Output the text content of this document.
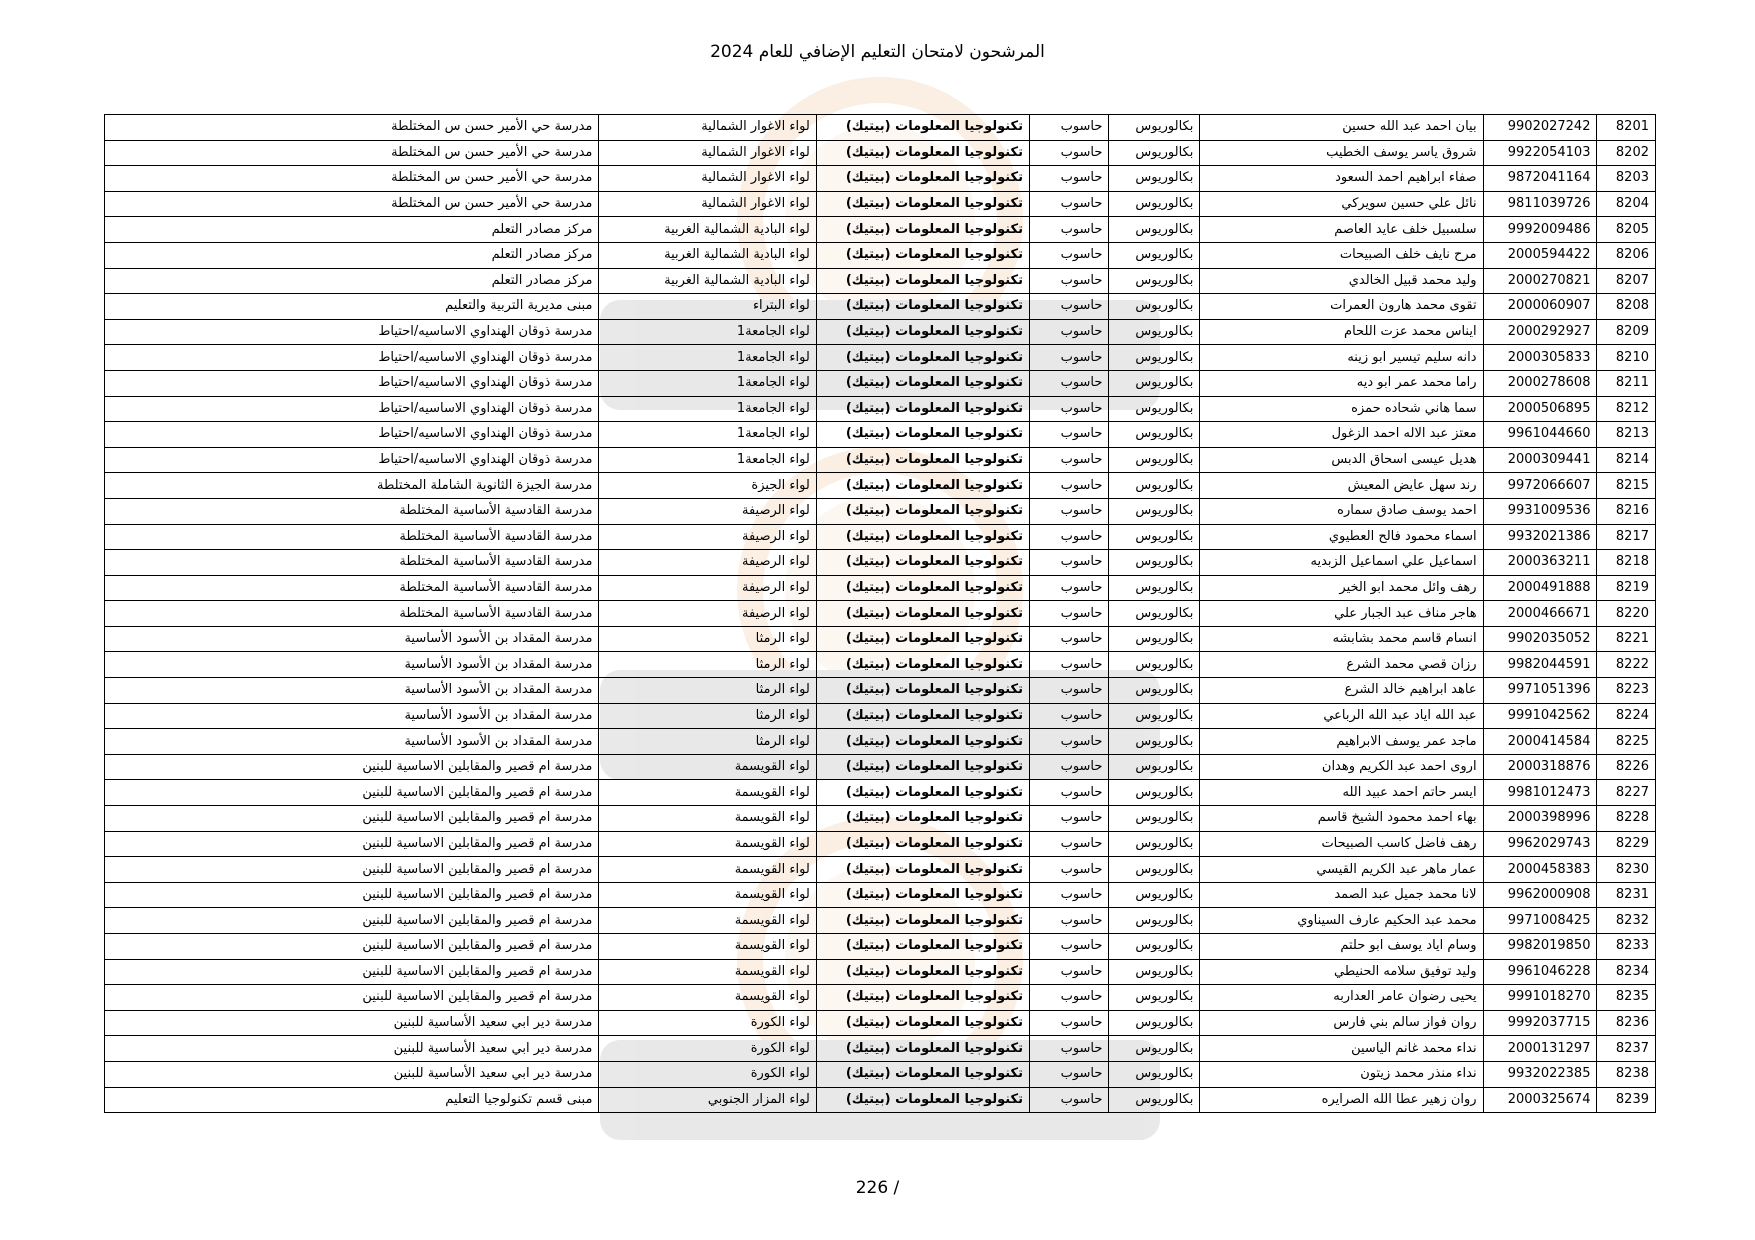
المرشحون لامتحان التعليم الإضافي للعام 2024
8201	9902027242	بيان احمد عبد الله حسين	بكالوريوس	حاسوب	تكنولوجيا المعلومات (بيتيك)	لواء الاغوار الشمالية	مدرسة حي الأمير حسن س المختلطة
8202	9922054103	شروق ياسر يوسف الخطيب	بكالوريوس	حاسوب	تكنولوجيا المعلومات (بيتيك)	لواء الاغوار الشمالية	مدرسة حي الأمير حسن س المختلطة
8203	9872041164	صفاء ابراهيم احمد السعود	بكالوريوس	حاسوب	تكنولوجيا المعلومات (بيتيك)	لواء الاغوار الشمالية	مدرسة حي الأمير حسن س المختلطة
8204	9811039726	نائل علي حسين سويركي	بكالوريوس	حاسوب	تكنولوجيا المعلومات (بيتيك)	لواء الاغوار الشمالية	مدرسة حي الأمير حسن س المختلطة
8205	9992009486	سلسبيل خلف عايد العاصم	بكالوريوس	حاسوب	تكنولوجيا المعلومات (بيتيك)	لواء البادية الشمالية الغربية	مركز مصادر التعلم
8206	2000594422	مرح نايف خلف الصبيحات	بكالوريوس	حاسوب	تكنولوجيا المعلومات (بيتيك)	لواء البادية الشمالية الغربية	مركز مصادر التعلم
8207	2000270821	وليد محمد قبيل الخالدي	بكالوريوس	حاسوب	تكنولوجيا المعلومات (بيتيك)	لواء البادية الشمالية الغربية	مركز مصادر التعلم
8208	2000060907	تقوى محمد هارون العمرات	بكالوريوس	حاسوب	تكنولوجيا المعلومات (بيتيك)	لواء البتراء	مبنى مديرية التربية والتعليم
8209	2000292927	ايناس محمد عزت اللحام	بكالوريوس	حاسوب	تكنولوجيا المعلومات (بيتيك)	لواء الجامعة1	مدرسة ذوقان الهنداوي الاساسيه/احتياط
8210	2000305833	دانه سليم تيسير ابو زينه	بكالوريوس	حاسوب	تكنولوجيا المعلومات (بيتيك)	لواء الجامعة1	مدرسة ذوقان الهنداوي الاساسيه/احتياط
8211	2000278608	راما محمد عمر ابو ديه	بكالوريوس	حاسوب	تكنولوجيا المعلومات (بيتيك)	لواء الجامعة1	مدرسة ذوقان الهنداوي الاساسيه/احتياط
8212	2000506895	سما هاني شحاده حمزه	بكالوريوس	حاسوب	تكنولوجيا المعلومات (بيتيك)	لواء الجامعة1	مدرسة ذوقان الهنداوي الاساسيه/احتياط
8213	9961044660	معتز عبد الاله احمد الزغول	بكالوريوس	حاسوب	تكنولوجيا المعلومات (بيتيك)	لواء الجامعة1	مدرسة ذوقان الهنداوي الاساسيه/احتياط
8214	2000309441	هديل عيسى اسحاق الدبس	بكالوريوس	حاسوب	تكنولوجيا المعلومات (بيتيك)	لواء الجامعة1	مدرسة ذوقان الهنداوي الاساسيه/احتياط
8215	9972066607	رند سهل عايض المعيش	بكالوريوس	حاسوب	تكنولوجيا المعلومات (بيتيك)	لواء الجيزة	مدرسة الجيزة الثانوية الشاملة المختلطة
8216	9931009536	احمد يوسف صادق سماره	بكالوريوس	حاسوب	تكنولوجيا المعلومات (بيتيك)	لواء الرصيفة	مدرسة القادسية الأساسية المختلطة
8217	9932021386	اسماء محمود فالح العطيوي	بكالوريوس	حاسوب	تكنولوجيا المعلومات (بيتيك)	لواء الرصيفة	مدرسة القادسية الأساسية المختلطة
8218	2000363211	اسماعيل علي اسماعيل الزبديه	بكالوريوس	حاسوب	تكنولوجيا المعلومات (بيتيك)	لواء الرصيفة	مدرسة القادسية الأساسية المختلطة
8219	2000491888	رهف وائل محمد ابو الخير	بكالوريوس	حاسوب	تكنولوجيا المعلومات (بيتيك)	لواء الرصيفة	مدرسة القادسية الأساسية المختلطة
8220	2000466671	هاجر مناف عبد الجبار علي	بكالوريوس	حاسوب	تكنولوجيا المعلومات (بيتيك)	لواء الرصيفة	مدرسة القادسية الأساسية المختلطة
8221	9902035052	انسام قاسم محمد بشابشه	بكالوريوس	حاسوب	تكنولوجيا المعلومات (بيتيك)	لواء الرمثا	مدرسة المقداد بن الأسود الأساسية
8222	9982044591	رزان قصي محمد الشرع	بكالوريوس	حاسوب	تكنولوجيا المعلومات (بيتيك)	لواء الرمثا	مدرسة المقداد بن الأسود الأساسية
8223	9971051396	عاهد ابراهيم خالد الشرع	بكالوريوس	حاسوب	تكنولوجيا المعلومات (بيتيك)	لواء الرمثا	مدرسة المقداد بن الأسود الأساسية
8224	9991042562	عبد الله اياد عبد الله الرباعي	بكالوريوس	حاسوب	تكنولوجيا المعلومات (بيتيك)	لواء الرمثا	مدرسة المقداد بن الأسود الأساسية
8225	2000414584	ماجد عمر يوسف الابراهيم	بكالوريوس	حاسوب	تكنولوجيا المعلومات (بيتيك)	لواء الرمثا	مدرسة المقداد بن الأسود الأساسية
8226	2000318876	اروى احمد عبد الكريم وهدان	بكالوريوس	حاسوب	تكنولوجيا المعلومات (بيتيك)	لواء القويسمة	مدرسة ام قصير والمقابلين الاساسية للبنين
8227	9981012473	ايسر حاتم احمد عبيد الله	بكالوريوس	حاسوب	تكنولوجيا المعلومات (بيتيك)	لواء القويسمة	مدرسة ام قصير والمقابلين الاساسية للبنين
8228	2000398996	بهاء احمد محمود الشيخ قاسم	بكالوريوس	حاسوب	تكنولوجيا المعلومات (بيتيك)	لواء القويسمة	مدرسة ام قصير والمقابلين الاساسية للبنين
8229	9962029743	رهف فاضل كاسب الصبيحات	بكالوريوس	حاسوب	تكنولوجيا المعلومات (بيتيك)	لواء القويسمة	مدرسة ام قصير والمقابلين الاساسية للبنين
8230	2000458383	عمار ماهر عبد الكريم القيسي	بكالوريوس	حاسوب	تكنولوجيا المعلومات (بيتيك)	لواء القويسمة	مدرسة ام قصير والمقابلين الاساسية للبنين
8231	9962000908	لانا محمد جميل عبد الصمد	بكالوريوس	حاسوب	تكنولوجيا المعلومات (بيتيك)	لواء القويسمة	مدرسة ام قصير والمقابلين الاساسية للبنين
8232	9971008425	محمد عبد الحكيم عارف السيناوي	بكالوريوس	حاسوب	تكنولوجيا المعلومات (بيتيك)	لواء القويسمة	مدرسة ام قصير والمقابلين الاساسية للبنين
8233	9982019850	وسام اياد يوسف ابو حلتم	بكالوريوس	حاسوب	تكنولوجيا المعلومات (بيتيك)	لواء القويسمة	مدرسة ام قصير والمقابلين الاساسية للبنين
8234	9961046228	وليد توفيق سلامه الحنيطي	بكالوريوس	حاسوب	تكنولوجيا المعلومات (بيتيك)	لواء القويسمة	مدرسة ام قصير والمقابلين الاساسية للبنين
8235	9991018270	يحيى رضوان عامر العداربه	بكالوريوس	حاسوب	تكنولوجيا المعلومات (بيتيك)	لواء القويسمة	مدرسة ام قصير والمقابلين الاساسية للبنين
8236	9992037715	روان فواز سالم بني فارس	بكالوريوس	حاسوب	تكنولوجيا المعلومات (بيتيك)	لواء الكورة	مدرسة دير ابي سعيد الأساسية للبنين
8237	2000131297	نداء محمد غانم الياسين	بكالوريوس	حاسوب	تكنولوجيا المعلومات (بيتيك)	لواء الكورة	مدرسة دير ابي سعيد الأساسية للبنين
8238	9932022385	نداء منذر محمد زيتون	بكالوريوس	حاسوب	تكنولوجيا المعلومات (بيتيك)	لواء الكورة	مدرسة دير ابي سعيد الأساسية للبنين
8239	2000325674	روان زهير عطا الله الصرايره	بكالوريوس	حاسوب	تكنولوجيا المعلومات (بيتيك)	لواء المزار الجنوبي	مبنى قسم تكنولوجيا التعليم
226 /
